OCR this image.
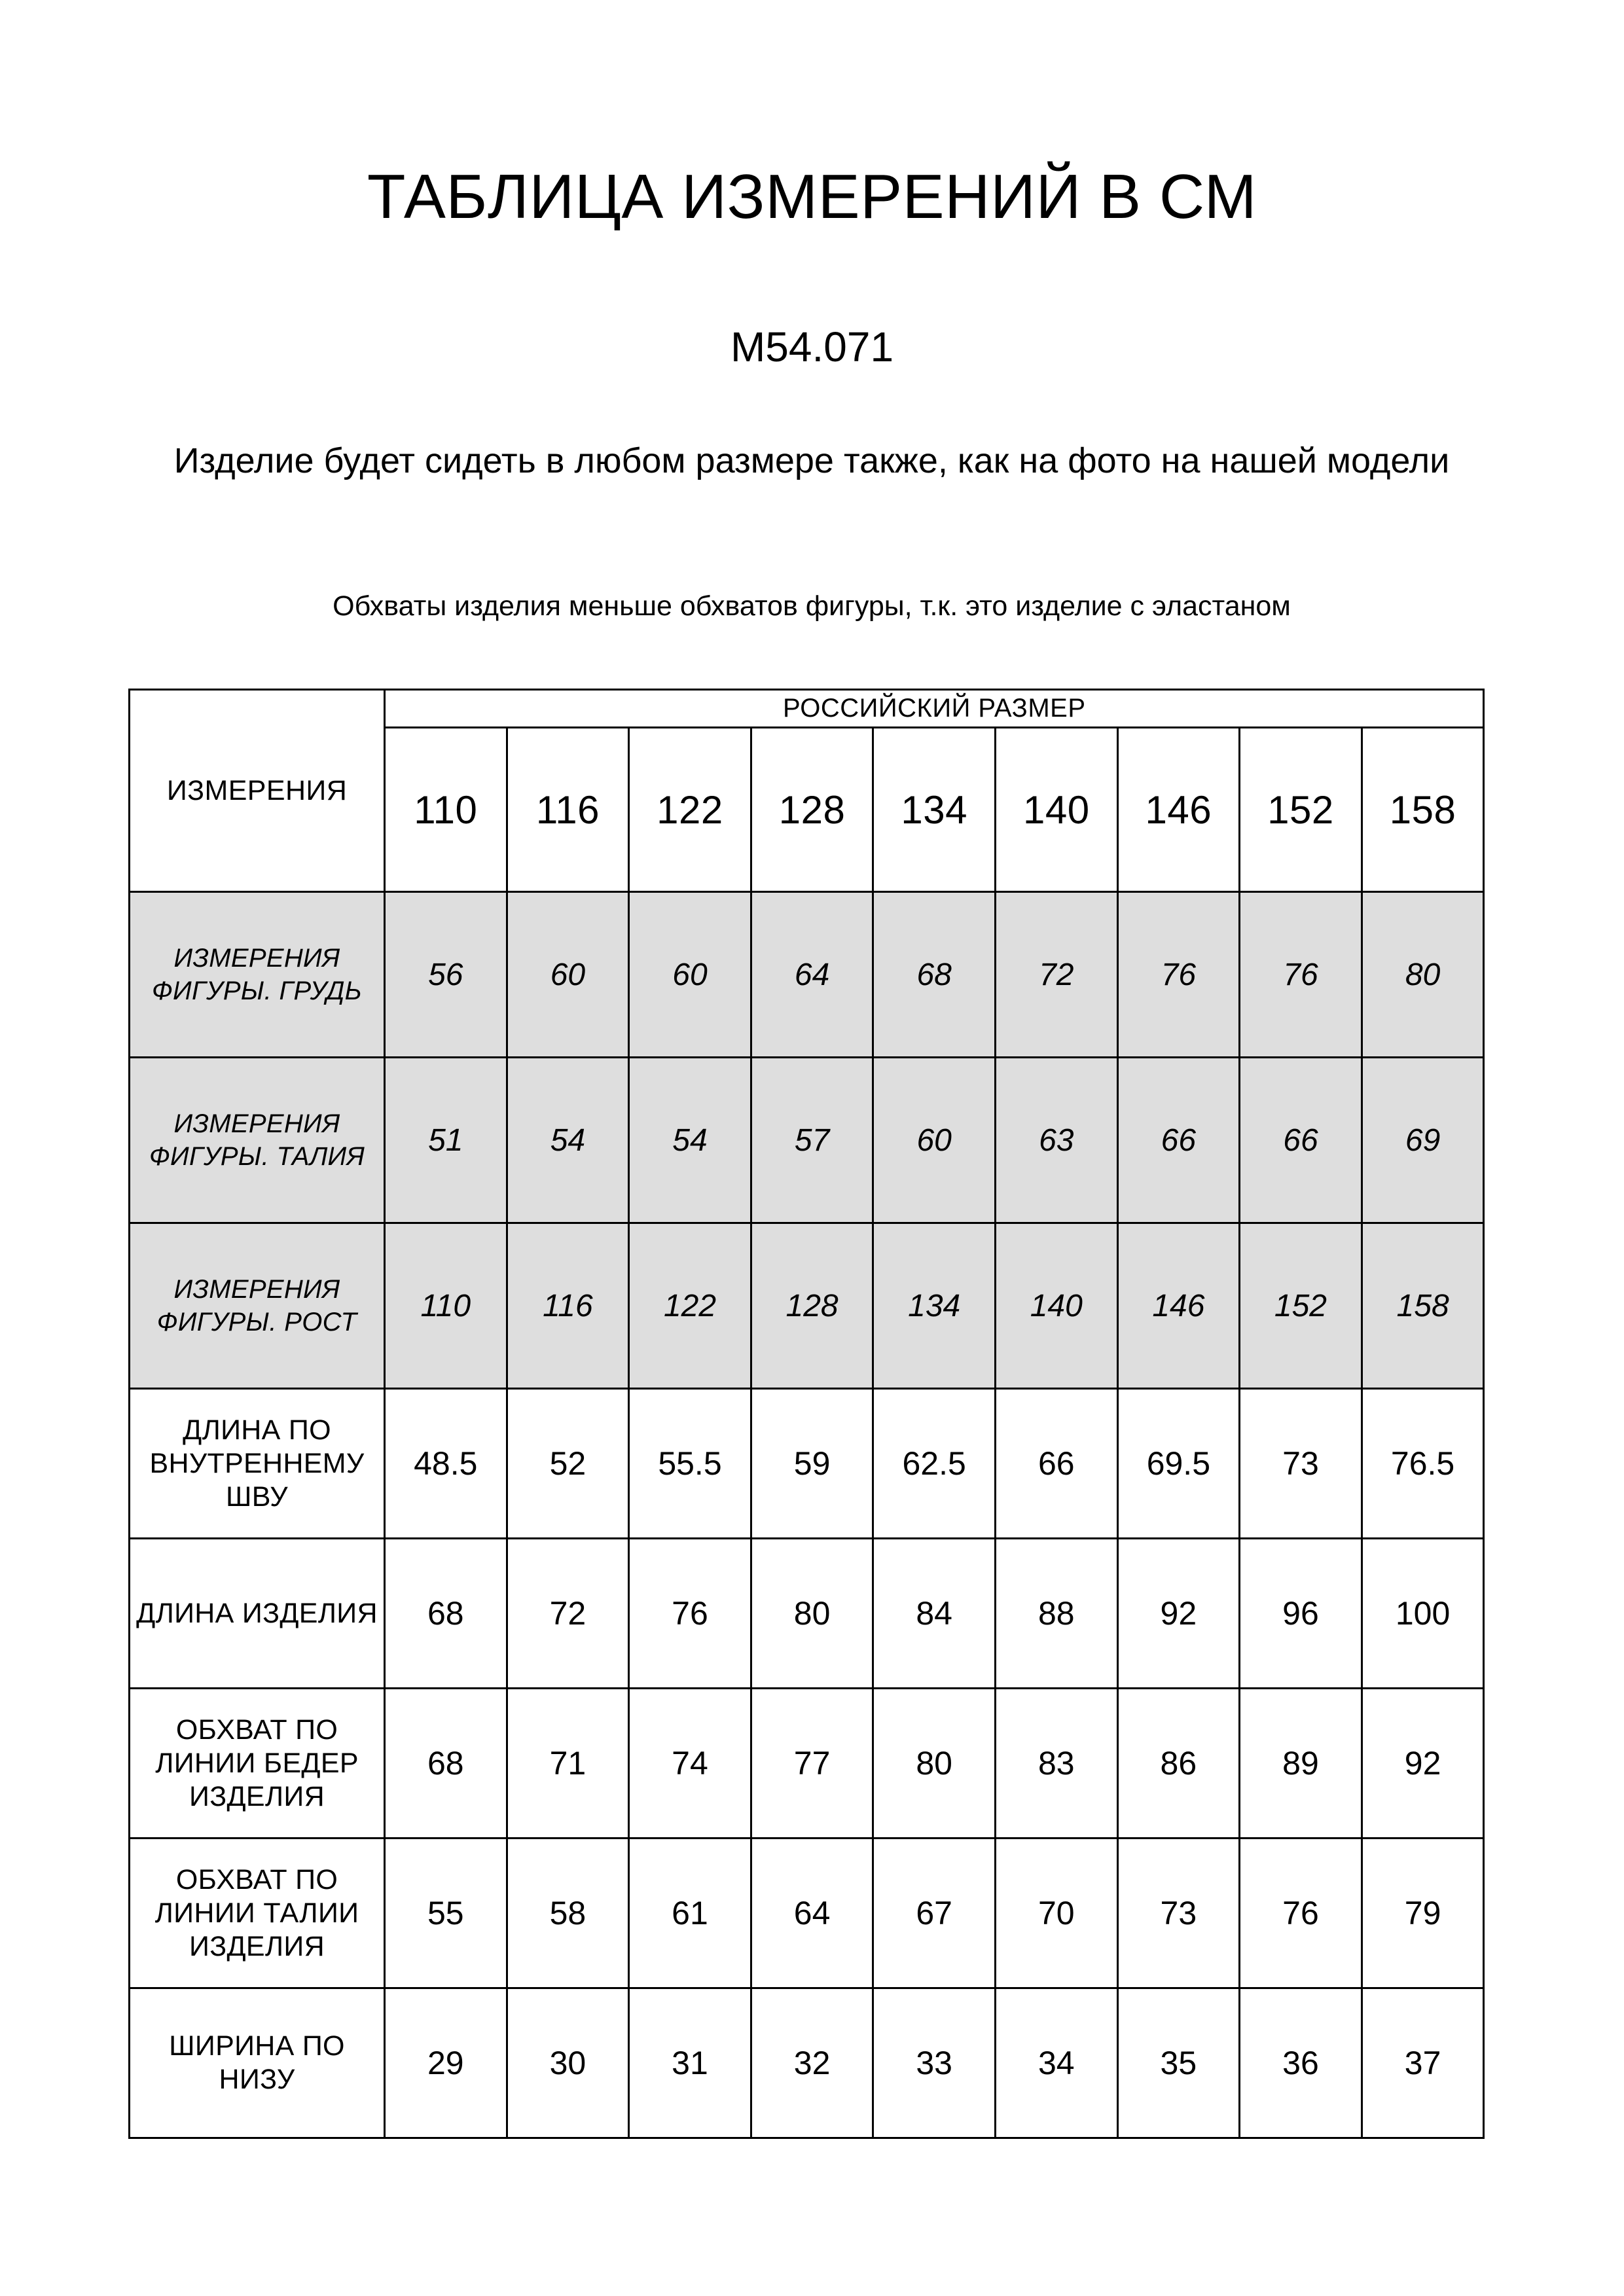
ТАБЛИЦА ИЗМЕРЕНИЙ В СМ
M54.071
Изделие будет сидеть в любом размере также, как на фото на нашей модели
Обхваты изделия меньше обхватов фигуры, т.к. это изделие с эластаном
ИЗМЕРЕНИЯ	РОССИЙСКИЙ РАЗМЕР								
	110	116	122	128	134	140	146	152	158
ИЗМЕРЕНИЯ ФИГУРЫ. ГРУДЬ	56	60	60	64	68	72	76	76	80
ИЗМЕРЕНИЯ ФИГУРЫ. ТАЛИЯ	51	54	54	57	60	63	66	66	69
ИЗМЕРЕНИЯ ФИГУРЫ. РОСТ	110	116	122	128	134	140	146	152	158
ДЛИНА ПО ВНУТРЕННЕМУ ШВУ	48.5	52	55.5	59	62.5	66	69.5	73	76.5
ДЛИНА ИЗДЕЛИЯ	68	72	76	80	84	88	92	96	100
ОБХВАТ ПО ЛИНИИ БЕДЕР ИЗДЕЛИЯ	68	71	74	77	80	83	86	89	92
ОБХВАТ ПО ЛИНИИ ТАЛИИ ИЗДЕЛИЯ	55	58	61	64	67	70	73	76	79
ШИРИНА ПО НИЗУ	29	30	31	32	33	34	35	36	37
